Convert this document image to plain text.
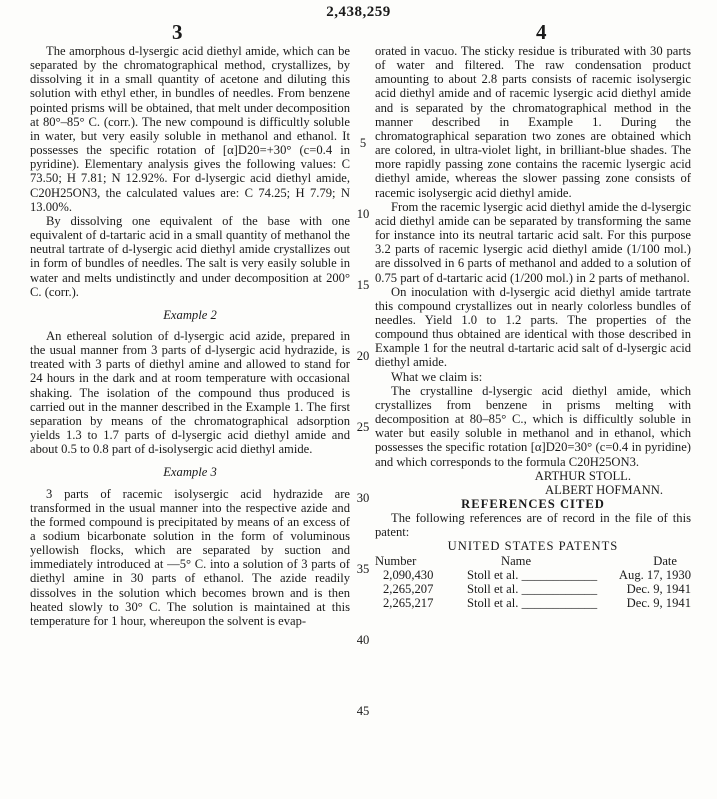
2,438,259
3	4

The amorphous d-lysergic acid diethyl amide, which can be separated by the chromatographical method, crystallizes, by dissolving it in a small quantity of acetone and diluting this solution with ethyl ether, in bundles of needles. From benzene pointed prisms will be obtained, that melt under decomposition at 80°–85° C. (corr.). The new compound is difficultly soluble in water, but very easily soluble in methanol and ethanol. It possesses the specific rotation of [α]D20=+30° (c=0.4 in pyridine). Elementary analysis gives the following values: C 73.50; H 7.81; N 12.92%. For d-lysergic acid diethyl amide, C20H25ON3, the calculated values are: C 74.25; H 7.79; N 13.00%.

By dissolving one equivalent of the base with one equivalent of d-tartaric acid in a small quantity of methanol the neutral tartrate of d-lysergic acid diethyl amide crystallizes out in form of bundles of needles. The salt is very easily soluble in water and melts undistinctly and under decomposition at 200° C. (corr.).

Example 2

An ethereal solution of d-lysergic acid azide, prepared in the usual manner from 3 parts of d-lysergic acid hydrazide, is treated with 3 parts of diethyl amine and allowed to stand for 24 hours in the dark and at room temperature with occasional shaking. The isolation of the compound thus produced is carried out in the manner described in the Example 1. The first separation by means of the chromatographical adsorption yields 1.3 to 1.7 parts of d-lysergic acid diethyl amide and about 0.5 to 0.8 part of d-isolysergic acid diethyl amide.

Example 3

3 parts of racemic isolysergic acid hydrazide are transformed in the usual manner into the respective azide and the formed compound is precipitated by means of an excess of a sodium bicarbonate solution in the form of voluminous yellowish flocks, which are separated by suction and immediately introduced at —5° C. into a solution of 3 parts of diethyl amine in 30 parts of ethanol. The azide readily dissolves in the solution which becomes brown and is then heated slowly to 30° C. The solution is maintained at this temperature for 1 hour, whereupon the solvent is evap-

5
10
15
20
25
30
35
40
45

orated in vacuo. The sticky residue is triburated with 30 parts of water and filtered. The raw condensation product amounting to about 2.8 parts consists of racemic isolysergic acid diethyl amide and of racemic lysergic acid diethyl amide and is separated by the chromatographical method in the manner described in Example 1. During the chromatographical separation two zones are obtained which are colored, in ultra-violet light, in brilliant-blue shades. The more rapidly passing zone contains the racemic lysergic acid diethyl amide, whereas the slower passing zone consists of racemic isolysergic acid diethyl amide.

From the racemic lysergic acid diethyl amide the d-lysergic acid diethyl amide can be separated by transforming the same for instance into its neutral tartaric acid salt. For this purpose 3.2 parts of racemic lysergic acid diethyl amide (1/100 mol.) are dissolved in 6 parts of methanol and added to a solution of 0.75 part of d-tartaric acid (1/200 mol.) in 2 parts of methanol.

On inoculation with d-lysergic acid diethyl amide tartrate this compound crystallizes out in nearly colorless bundles of needles. Yield 1.0 to 1.2 parts. The properties of the compound thus obtained are identical with those described in Example 1 for the neutral d-tartaric acid salt of d-lysergic acid diethyl amide.

What we claim is:

The crystalline d-lysergic acid diethyl amide, which crystallizes from benzene in prisms melting with decomposition at 80–85° C., which is difficultly soluble in water but easily soluble in methanol and in ethanol, which possesses the specific rotation [α]D20=30° (c=0.4 in pyridine) and which corresponds to the formula C20H25ON3.

ARTHUR STOLL.

ALBERT HOFMANN.

REFERENCES CITED

The following references are of record in the file of this patent:

UNITED STATES PATENTS

Number	Name	Date
2,090,430	Stoll et al. ____________	Aug. 17, 1930
2,265,207	Stoll et al. ____________	Dec. 9, 1941
2,265,217	Stoll et al. ____________	Dec. 9, 1941
